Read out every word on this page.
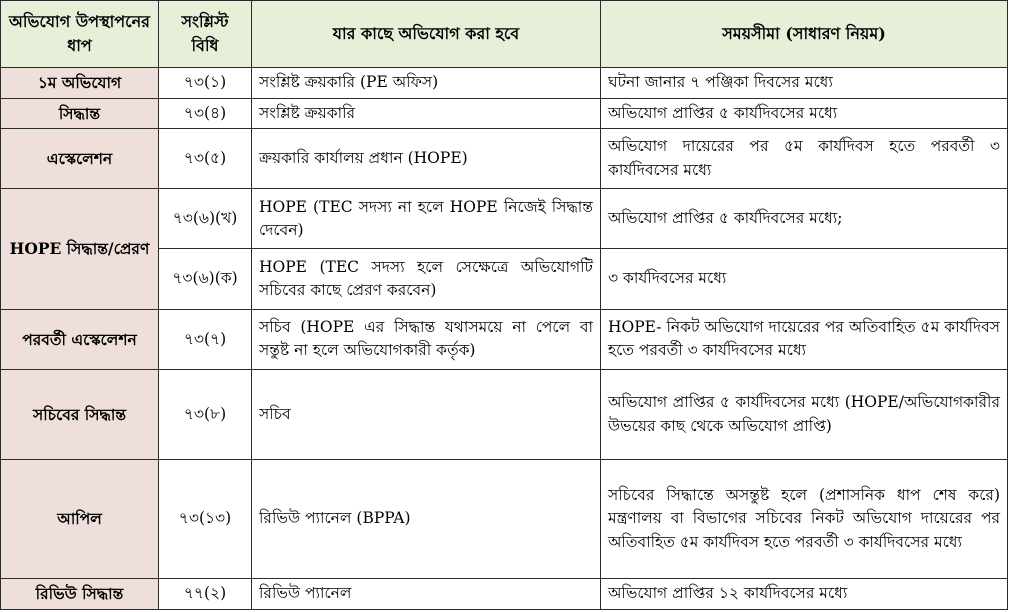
অভিযোগ উপস্থাপনের ধাপ	সংশ্লিস্ট বিধি	যার কাছে অভিযোগ করা হবে	সময়সীমা (সাধারণ নিয়ম)
১ম অভিযোগ	৭৩(১)	সংশ্লিষ্ট ক্রয়কারি (PE অফিস)	ঘটনা জানার ৭ পঞ্জিকা দিবসের মধ্যে
সিদ্ধান্ত	৭৩(৪)	সংশ্লিষ্ট ক্রয়কারি	অভিযোগ প্রাপ্তির ৫ কার্যদিবসের মধ্যে
এস্কেলেশন	৭৩(৫)	ক্রয়কারি কার্যালয় প্রধান (HOPE)	অভিযোগ দায়েরের পর ৫ম কার্যদিবস হতে পরবর্তী ৩ কার্যদিবসের মধ্যে
HOPE সিদ্ধান্ত/প্রেরণ	৭৩(৬)(খ)	HOPE (TEC সদস্য না হলে HOPE নিজেই সিদ্ধান্ত দেবেন)	অভিযোগ প্রাপ্তির ৫ কার্যদিবসের মধ্যে;
	৭৩(৬)(ক)	HOPE (TEC সদস্য হলে সেক্ষেত্রে অভিযোগটি সচিবের কাছে প্রেরণ করবেন)	৩ কার্যদিবসের মধ্যে
পরবর্তী এস্কেলেশন	৭৩(৭)	সচিব (HOPE এর সিদ্ধান্ত যথাসময়ে না পেলে বা সন্তুষ্ট না হলে অভিযোগকারী কর্তৃক)	HOPE- নিকট অভিযোগ দায়েরের পর অতিবাহিত ৫ম কার্যদিবস হতে পরবর্তী ৩ কার্যদিবসের মধ্যে
সচিবের সিদ্ধান্ত	৭৩(৮)	সচিব	অভিযোগ প্রাপ্তির ৫ কার্যদিবসের মধ্যে (HOPE/অভিযোগকারীর উভয়ের কাছ থেকে অভিযোগ প্রাপ্তি)
আপিল	৭৩(১৩)	রিভিউ প্যানেল (BPPA)	সচিবের সিদ্ধান্তে অসন্তুষ্ট হলে (প্রশাসনিক ধাপ শেষ করে) মন্ত্রণালয় বা বিভাগের সচিবের নিকট অভিযোগ দায়েরের পর অতিবাহিত ৫ম কার্যদিবস হতে পরবর্তী ৩ কার্যদিবসের মধ্যে
রিভিউ সিদ্ধান্ত	৭৭(২)	রিভিউ প্যানেল	অভিযোগ প্রাপ্তির ১২ কার্যদিবসের মধ্যে
